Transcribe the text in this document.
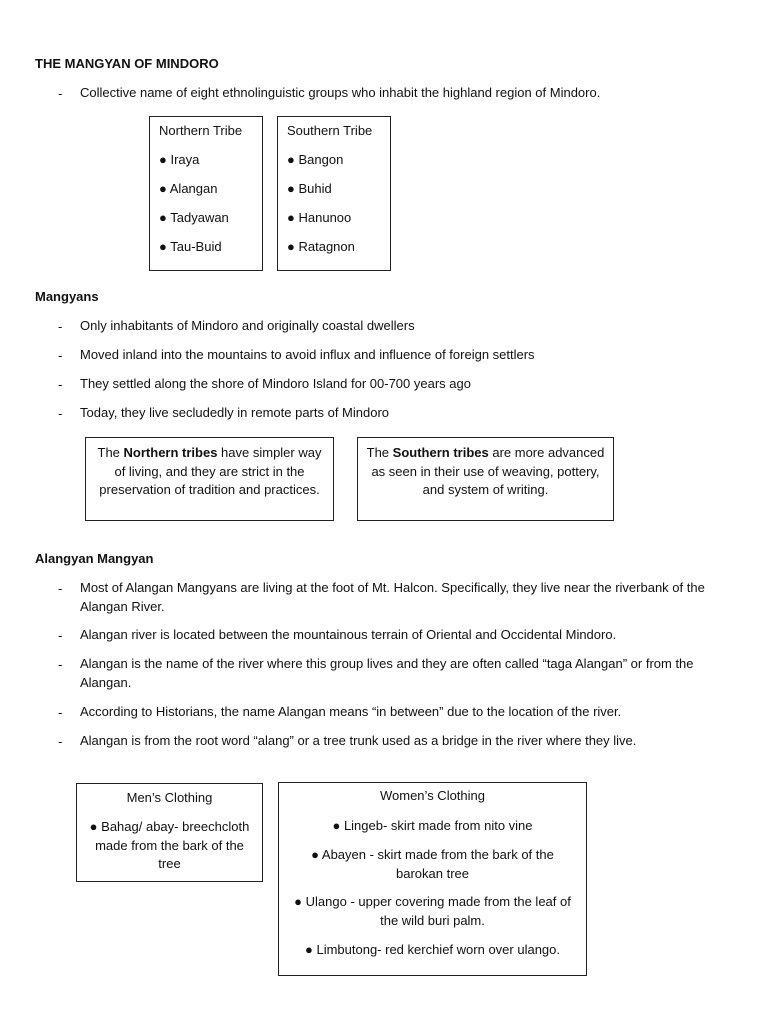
THE MANGYAN OF MINDORO
- Collective name of eight ethnolinguistic groups who inhabit the highland region of Mindoro.
Northern Tribe
● Iraya
● Alangan
● Tadyawan
● Tau-Buid
Southern Tribe
● Bangon
● Buhid
● Hanunoo
● Ratagnon
Mangyans
- Only inhabitants of Mindoro and originally coastal dwellers
- Moved inland into the mountains to avoid influx and influence of foreign settlers
- They settled along the shore of Mindoro Island for 00-700 years ago
- Today, they live secludedly in remote parts of Mindoro
The Northern tribes have simpler way of living, and they are strict in the preservation of tradition and practices.
The Southern tribes are more advanced as seen in their use of weaving, pottery, and system of writing.
Alangyan Mangyan
- Most of Alangan Mangyans are living at the foot of Mt. Halcon. Specifically, they live near the riverbank of the Alangan River.
- Alangan river is located between the mountainous terrain of Oriental and Occidental Mindoro.
- Alangan is the name of the river where this group lives and they are often called “taga Alangan” or from the Alangan.
- According to Historians, the name Alangan means “in between” due to the location of the river.
- Alangan is from the root word “alang” or a tree trunk used as a bridge in the river where they live.
Men’s Clothing
● Bahag/ abay- breechcloth made from the bark of the tree
Women’s Clothing
● Lingeb- skirt made from nito vine
● Abayen - skirt made from the bark of the barokan tree
● Ulango - upper covering made from the leaf of the wild buri palm.
● Limbutong- red kerchief worn over ulango.
